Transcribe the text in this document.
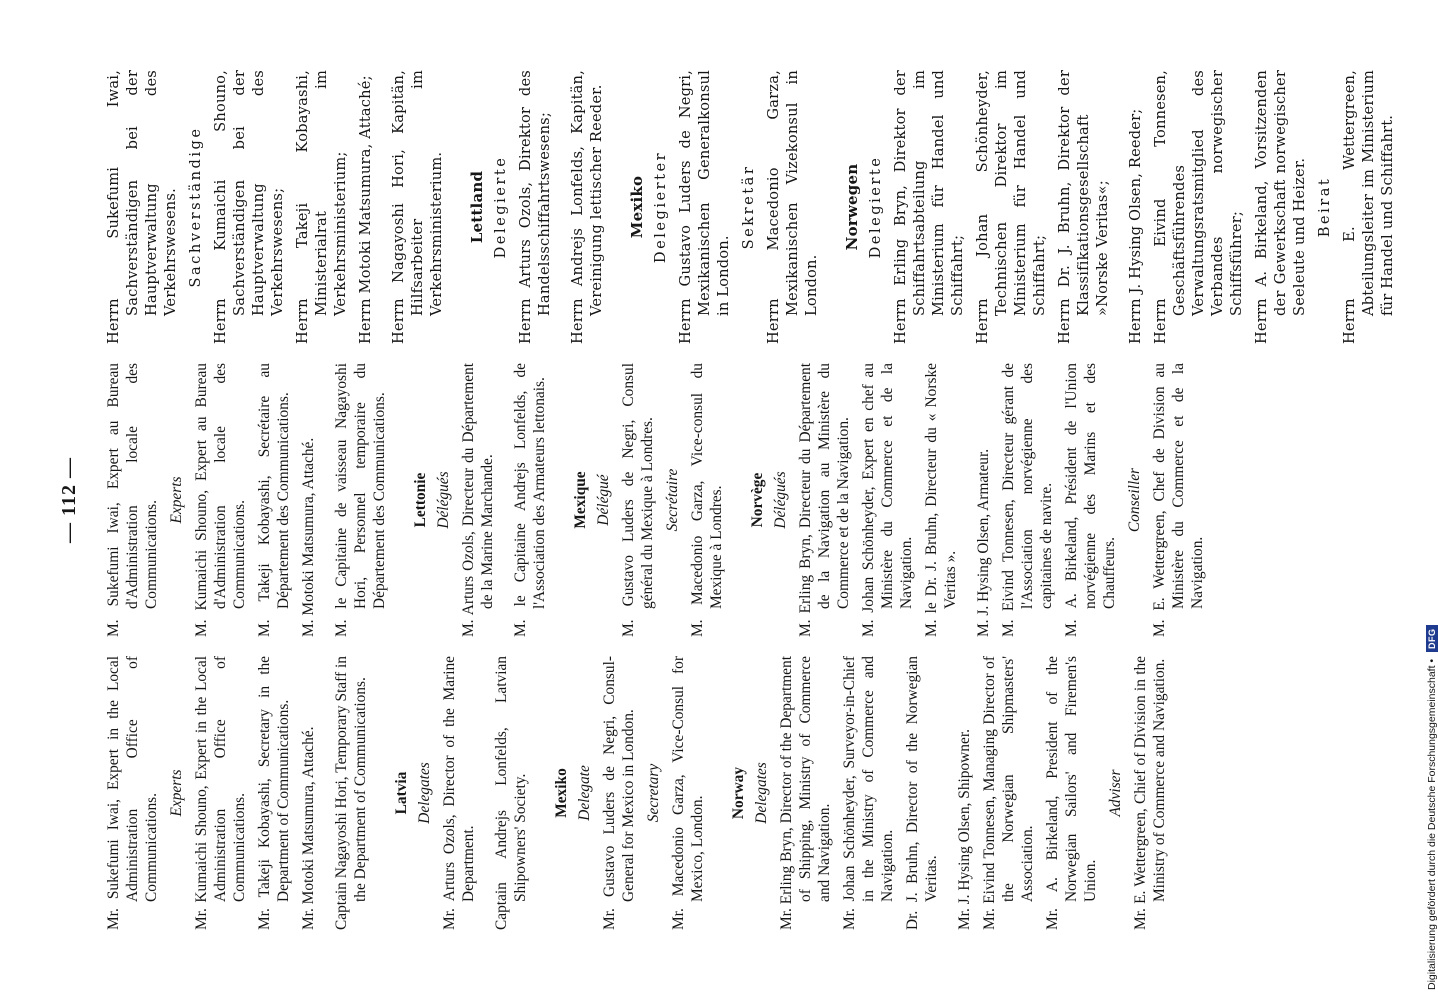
— 112 —
Mr. Sukefumi Iwai, Expert in the Local Administration Office of Communications. Experts Mr. Kumaichi Shouno, Expert in the Local Administration Office of Communications. Mr. Takeji Kobayashi, Secretary in the Department of Communications. Mr. Motoki Matsumura, Attaché. Captain Nagayoshi Hori, Temporary Staff in the Department of Communications. Latvia Delegates Mr. Arturs Ozols, Director of the Marine Department. Captain Andrejs Lonfelds, Latvian Shipowners' Society. Mexiko Delegate Mr. Gustavo Luders de Negri, Consul-General for Mexico in London. Secretary Mr. Macedonio Garza, Vice-Consul for Mexico, London.
Norway Delegates Mr. Erling Bryn, Director of the Department of Shipping, Ministry of Commerce and Navigation. Mr. Johan Schönheyder, Surveyor-in-Chief in the Ministry of Commerce and Navigation. Dr. J. Bruhn, Director of the Norwegian Veritas. Mr. J. Hysing Olsen, Shipowner. Mr. Eivind Tonnesen, Managing Director of the Norwegian Shipmasters' Association. Mr. A. Birkeland, President of the Norwegian Sailors' and Firemen's Union.
Adviser Mr. E. Wettergreen, Chief of Division in the Ministry of Commerce and Navigation.
M. Sukefumi Iwai, Expert au Bureau d'Administration locale des Communications. Experts M. Kumaichi Shouno, Expert au Bureau d'Administration locale des Communications. M. Takeji Kobayashi, Secrétaire au Département des Communications. M. Motoki Matsumura, Attaché. M. le Capitaine de vaisseau Nagayoshi Hori, Personnel temporaire du Département des Communications. Lettonie Délégués M. Arturs Ozols, Directeur du Département de la Marine Marchande. M. le Capitaine Andrejs Lonfelds, de l'Association des Armateurs lettonais. Mexique Délégué M. Gustavo Luders de Negri, Consul général du Mexique à Londres. Secrétaire M. Macedonio Garza, Vice-consul du Mexique à Londres. Norvège Délégués M. Erling Bryn, Directeur du Département de la Navigation au Ministère du Commerce et de la Navigation. M. Johan Schönheyder, Expert en chef au Ministère du Commerce et de la Navigation. M. le Dr. J. Bruhn, Directeur du « Norske Veritas ». M. J. Hysing Olsen, Armateur. M. Eivind Tonnesen, Directeur gérant de l'Association norvégienne des capitaines de navire. M. A. Birkeland, Président de l'Union norvégienne des Marins et des Chauffeurs.
Conseiller M. E. Wettergreen, Chef de Division au Ministère du Commerce et de la Navigation.
Herrn Sukefumi Iwai, Sachverständigen bei der Hauptverwaltung des Verkehrswesens. Sachverständige Herrn Kumaichi Shouno, Sachverständigen bei der Hauptverwaltung des Verkehrswesens; Herrn Takeji Kobayashi, Ministerialrat im Verkehrsministerium; Herrn Motoki Matsumura, Attaché; Herrn Nagayoshi Hori, Kapitän, Hilfsarbeiter im Verkehrsministerium. Lettland Delegierte Herrn Arturs Ozols, Direktor des Handelsschiffahrtswesens; Herrn Andrejs Lonfelds, Kapitän, Vereinigung lettischer Reeder. Mexiko Delegierter Herrn Gustavo Luders de Negri, Mexikanischen Generalkonsul in London.
Sekretär Herrn Macedonio Garza, Mexikanischen Vizekonsul in London.
Norwegen Delegierte Herrn Erling Bryn, Direktor der Schiffahrtsabteilung im Ministerium für Handel und Schiffahrt; Herrn Johan Schönheyder, Technischen Direktor im Ministerium für Handel und Schiffahrt; Herrn Dr. J. Bruhn, Direktor der Klassifikationsgesellschaft »Norske Veritas«; Herrn J. Hysing Olsen, Reeder; Herrn Eivind Tonnesen, Geschäftsführendes Verwaltungsratsmitglied des Verbandes norwegischer Schiffsführer; Herrn A. Birkeland, Vorsitzenden der Gewerkschaft norwegischer Seeleute und Heizer. Beirat Herrn E. Wettergreen, Abteilungsleiter im Ministerium für Handel und Schiffahrt.
Digitalisierung gefördert durch die Deutsche Forschungsgemeinschaft • DFG
